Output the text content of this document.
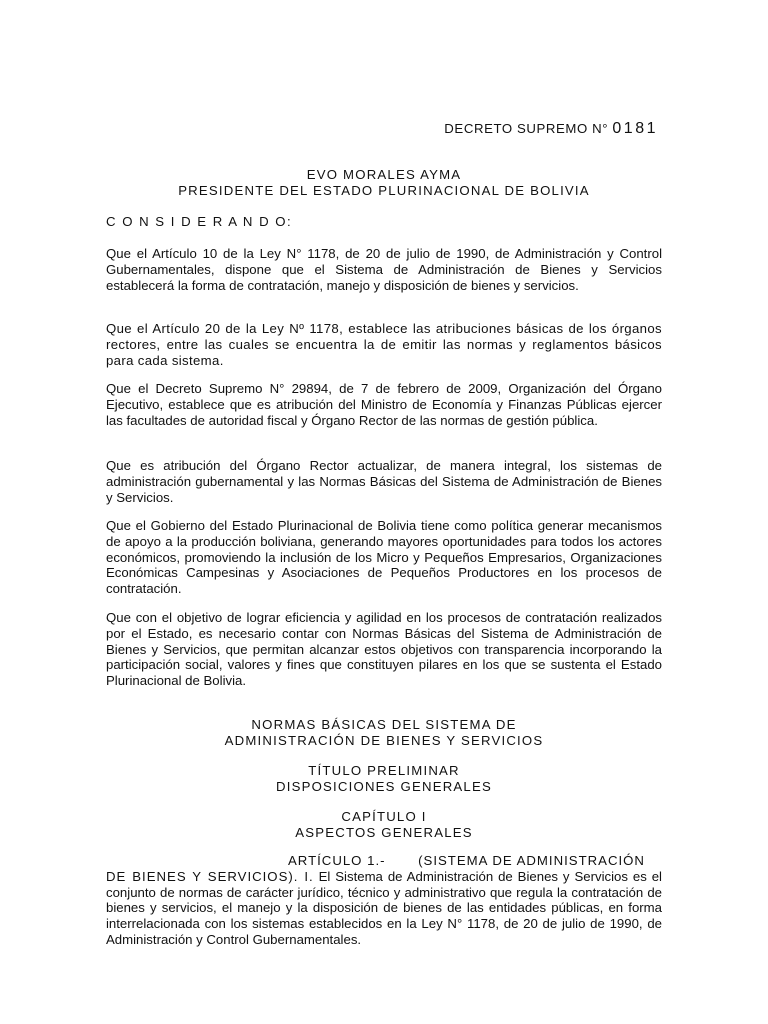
DECRETO SUPREMO N° 0181
EVO MORALES AYMA
PRESIDENTE DEL ESTADO PLURINACIONAL DE BOLIVIA
C O N S I D E R A N D O:

Que el Artículo 10 de la Ley N° 1178, de 20 de julio de 1990, de Administración y Control Gubernamentales, dispone que el Sistema de Administración de Bienes y Servicios establecerá la forma de contratación, manejo y disposición de bienes y servicios.

Que el Artículo 20 de la Ley Nº 1178, establece las atribuciones básicas de los órganos rectores, entre las cuales se encuentra la de emitir las normas y reglamentos básicos para cada sistema.

Que el Decreto Supremo N° 29894, de 7 de febrero de 2009, Organización del Órgano Ejecutivo, establece que es atribución del Ministro de Economía y Finanzas Públicas ejercer las facultades de autoridad fiscal y Órgano Rector de las normas de gestión pública.

Que es atribución del Órgano Rector actualizar, de manera integral, los sistemas de administración gubernamental y las Normas Básicas del Sistema de Administración de Bienes y Servicios.

Que el Gobierno del Estado Plurinacional de Bolivia tiene como política generar mecanismos de apoyo a la producción boliviana, generando mayores oportunidades para todos los actores económicos, promoviendo la inclusión de los Micro y Pequeños Empresarios, Organizaciones Económicas Campesinas y Asociaciones de Pequeños Productores en los procesos de contratación.

Que con el objetivo de lograr eficiencia y agilidad en los procesos de contratación realizados por el Estado, es necesario contar con Normas Básicas del Sistema de Administración de Bienes y Servicios, que permitan alcanzar estos objetivos con transparencia incorporando la participación social, valores y fines que constituyen pilares en los que se sustenta el Estado Plurinacional de Bolivia.

NORMAS BÁSICAS DEL SISTEMA DE
ADMINISTRACIÓN DE BIENES Y SERVICIOS
TÍTULO PRELIMINAR
DISPOSICIONES GENERALES
CAPÍTULO I
ASPECTOS GENERALES
ARTÍCULO 1.-       (SISTEMA DE ADMINISTRACIÓN
DE BIENES Y SERVICIOS). I. El Sistema de Administración de Bienes y Servicios es el conjunto de normas de carácter jurídico, técnico y administrativo que regula la contratación de bienes y servicios, el manejo y la disposición de bienes de las entidades públicas, en forma interrelacionada con los sistemas establecidos en la Ley N° 1178, de 20 de julio de 1990, de Administración y Control Gubernamentales.
